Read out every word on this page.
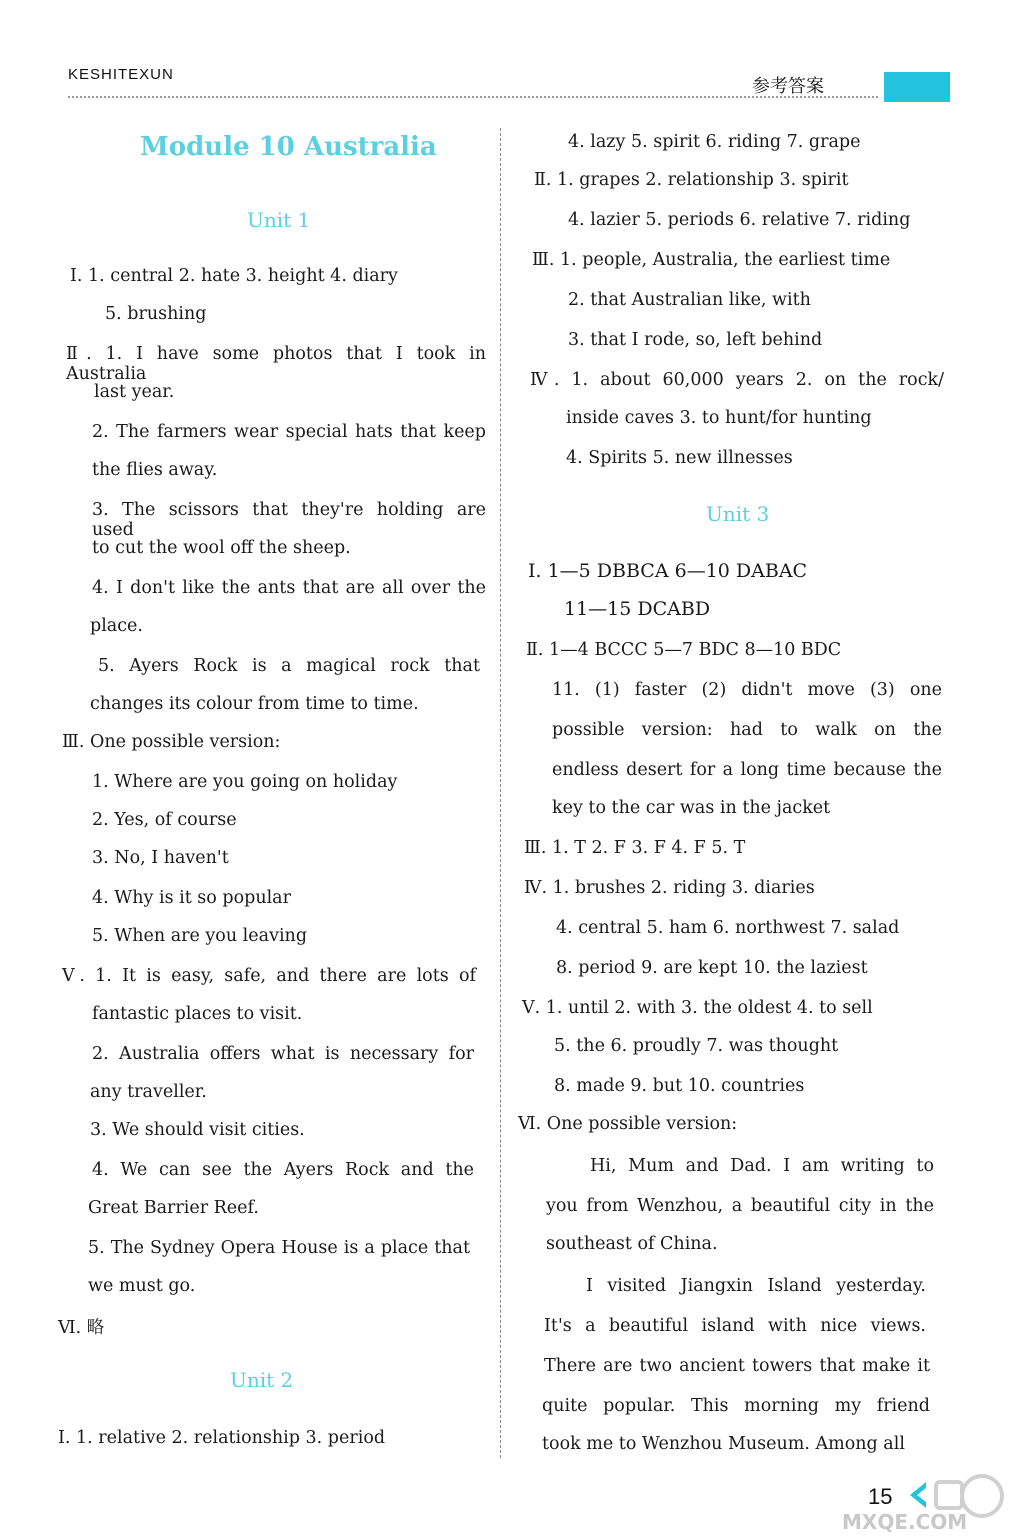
KESHITEXUN
参考答案
Module 10 Australia
Unit 1
Ⅰ. 1. central 2. hate 3. height 4. diary
5. brushing
Ⅱ. 1. I have some photos that I took in Australia
last year.
2. The farmers wear special hats that keep
the flies away.
3. The scissors that they're holding are used
to cut the wool off the sheep.
4. I don't like the ants that are all over the
place.
5. Ayers Rock is a magical rock that
changes its colour from time to time.
Ⅲ. One possible version:
1. Where are you going on holiday
2. Yes, of course
3. No, I haven't
4. Why is it so popular
5. When are you leaving
Ⅴ. 1. It is easy, safe, and there are lots of
fantastic places to visit.
2. Australia offers what is necessary for
any traveller.
3. We should visit cities.
4. We can see the Ayers Rock and the
Great Barrier Reef.
5. The Sydney Opera House is a place that
we must go.
Ⅵ. 略
Unit 2
Ⅰ. 1. relative 2. relationship 3. period
4. lazy 5. spirit 6. riding 7. grape
Ⅱ. 1. grapes 2. relationship 3. spirit
4. lazier 5. periods 6. relative 7. riding
Ⅲ. 1. people, Australia, the earliest time
2. that Australian like, with
3. that I rode, so, left behind
Ⅳ. 1. about 60,000 years 2. on the rock/
inside caves 3. to hunt/for hunting
4. Spirits 5. new illnesses
Unit 3
Ⅰ. 1—5 DBBCA 6—10 DABAC
11—15 DCABD
Ⅱ. 1—4 BCCC 5—7 BDC 8—10 BDC
11. (1) faster (2) didn't move (3) one
possible version: had to walk on the
endless desert for a long time because the
key to the car was in the jacket
Ⅲ. 1. T 2. F 3. F 4. F 5. T
Ⅳ. 1. brushes 2. riding 3. diaries
4. central 5. ham 6. northwest 7. salad
8. period 9. are kept 10. the laziest
Ⅴ. 1. until 2. with 3. the oldest 4. to sell
5. the 6. proudly 7. was thought
8. made 9. but 10. countries
Ⅵ. One possible version:
Hi, Mum and Dad. I am writing to
you from Wenzhou, a beautiful city in the
southeast of China.
I visited Jiangxin Island yesterday.
It's a beautiful island with nice views.
There are two ancient towers that make it
quite popular. This morning my friend
took me to Wenzhou Museum. Among all
15
MXQE.COM
